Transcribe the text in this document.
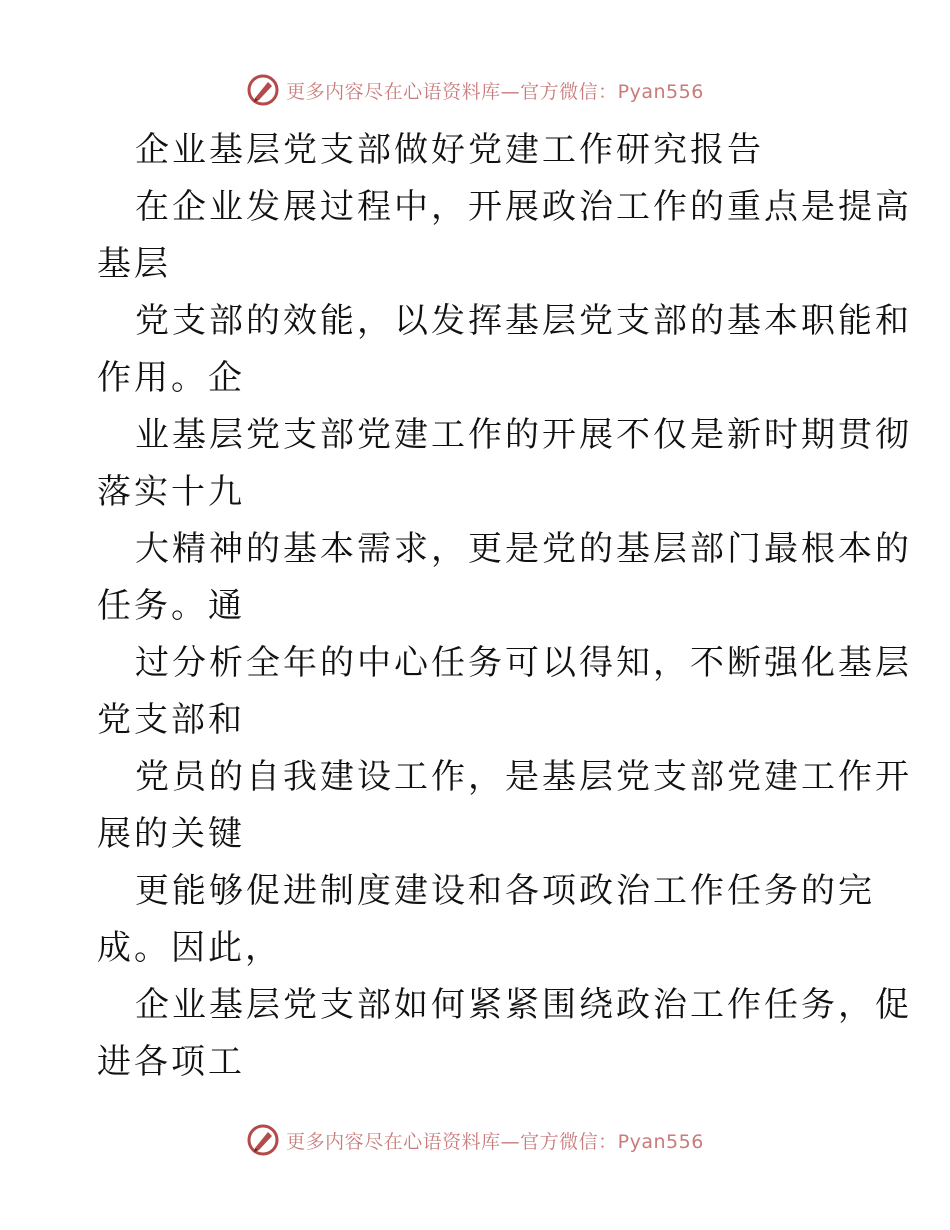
更多内容尽在心语资料库—官方微信：Pyan556
企业基层党支部做好党建工作研究报告
在企业发展过程中，开展政治工作的重点是提高
基层
党支部的效能，以发挥基层党支部的基本职能和
作用。企
业基层党支部党建工作的开展不仅是新时期贯彻
落实十九
大精神的基本需求，更是党的基层部门最根本的
任务。通
过分析全年的中心任务可以得知，不断强化基层
党支部和
党员的自我建设工作，是基层党支部党建工作开
展的关键
更能够促进制度建设和各项政治工作任务的完
成。因此，
企业基层党支部如何紧紧围绕政治工作任务，促
进各项工
更多内容尽在心语资料库—官方微信：Pyan556
